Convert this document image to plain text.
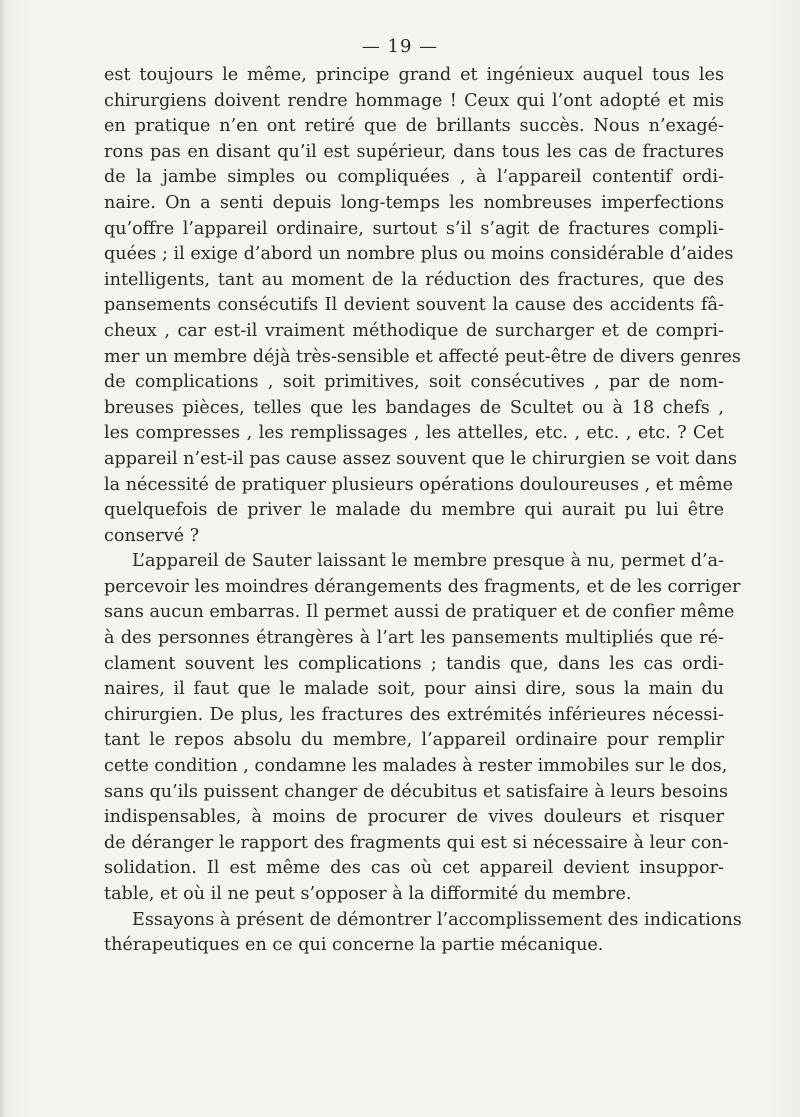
— 19 —
est toujours le même, principe grand et ingénieux auquel tous les
chirurgiens doivent rendre hommage ! Ceux qui l’ont adopté et mis
en pratique n’en ont retiré que de brillants succès. Nous n’exagé-
rons pas en disant qu’il est supérieur, dans tous les cas de fractures
de la jambe simples ou compliquées , à l’appareil contentif ordi-
naire. On a senti depuis long-temps les nombreuses imperfections
qu’offre l’appareil ordinaire, surtout s’il s’agit de fractures compli-
quées ; il exige d’abord un nombre plus ou moins considérable d’aides
intelligents, tant au moment de la réduction des fractures, que des
pansements consécutifs Il devient souvent la cause des accidents fâ-
cheux , car est-il vraiment méthodique de surcharger et de compri-
mer un membre déjà très-sensible et affecté peut-être de divers genres
de complications , soit primitives, soit consécutives , par de nom-
breuses pièces, telles que les bandages de Scultet ou à 18 chefs ,
les compresses , les remplissages , les attelles, etc. , etc. , etc. ? Cet
appareil n’est-il pas cause assez souvent que le chirurgien se voit dans
la nécessité de pratiquer plusieurs opérations douloureuses , et même
quelquefois de priver le malade du membre qui aurait pu lui être
conservé ?
L’appareil de Sauter laissant le membre presque à nu, permet d’a-
percevoir les moindres dérangements des fragments, et de les corriger
sans aucun embarras. Il permet aussi de pratiquer et de confier même
à des personnes étrangères à l’art les pansements multipliés que ré-
clament souvent les complications ; tandis que, dans les cas ordi-
naires, il faut que le malade soit, pour ainsi dire, sous la main du
chirurgien. De plus, les fractures des extrémités inférieures nécessi-
tant le repos absolu du membre, l’appareil ordinaire pour remplir
cette condition , condamne les malades à rester immobiles sur le dos,
sans qu’ils puissent changer de décubitus et satisfaire à leurs besoins
indispensables, à moins de procurer de vives douleurs et risquer
de déranger le rapport des fragments qui est si nécessaire à leur con-
solidation. Il est même des cas où cet appareil devient insuppor-
table, et où il ne peut s’opposer à la difformité du membre.
Essayons à présent de démontrer l’accomplissement des indications
thérapeutiques en ce qui concerne la partie mécanique.
